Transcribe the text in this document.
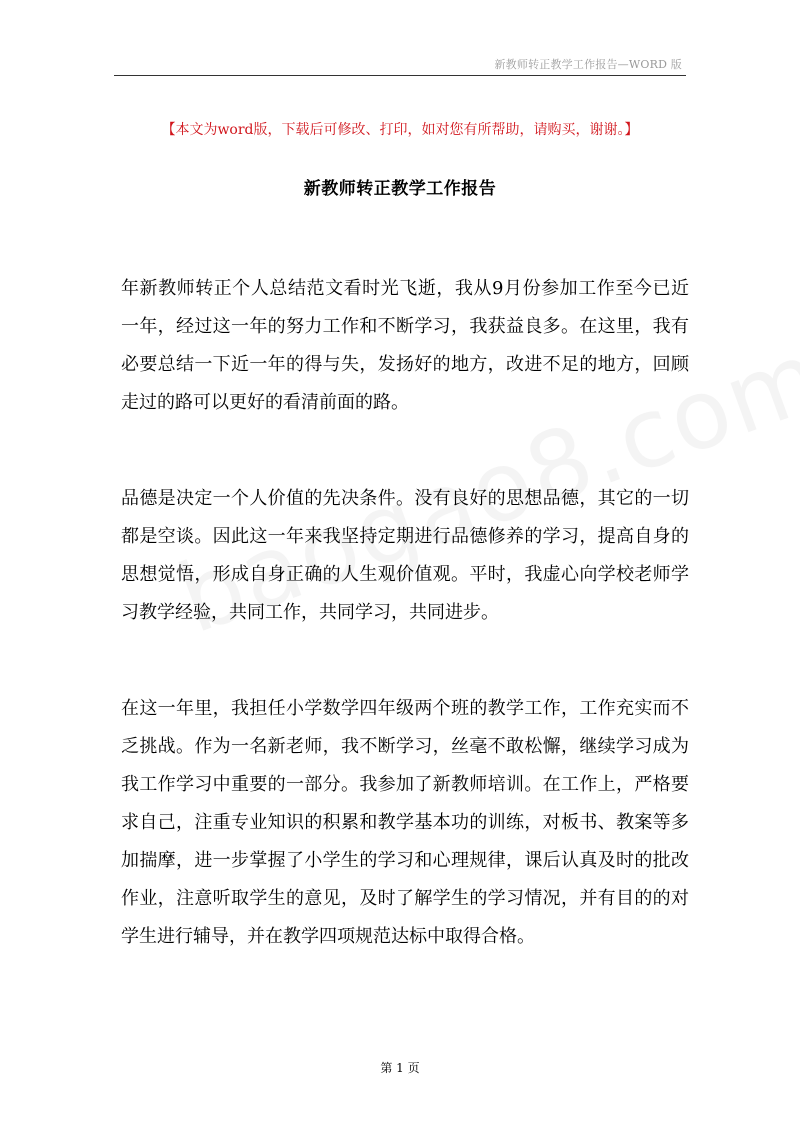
新教师转正教学工作报告—WORD 版
【本文为word版，下载后可修改、打印，如对您有所帮助，请购买，谢谢。】
新教师转正教学工作报告

年新教师转正个人总结范文看时光飞逝，我从9月份参加工作至今已近一年，经过这一年的努力工作和不断学习，我获益良多。在这里，我有必要总结一下近一年的得与失，发扬好的地方，改进不足的地方，回顾走过的路可以更好的看清前面的路。

品德是决定一个人价值的先决条件。没有良好的思想品德，其它的一切都是空谈。因此这一年来我坚持定期进行品德修养的学习，提高自身的思想觉悟，形成自身正确的人生观价值观。平时，我虚心向学校老师学习教学经验，共同工作，共同学习，共同进步。

在这一年里，我担任小学数学四年级两个班的教学工作，工作充实而不乏挑战。作为一名新老师，我不断学习，丝毫不敢松懈，继续学习成为我工作学习中重要的一部分。我参加了新教师培训。在工作上，严格要求自己，注重专业知识的积累和教学基本功的训练，对板书、教案等多加揣摩，进一步掌握了小学生的学习和心理规律，课后认真及时的批改作业，注意听取学生的意见，及时了解学生的学习情况，并有目的的对学生进行辅导，并在教学四项规范达标中取得合格。

第 1 页
